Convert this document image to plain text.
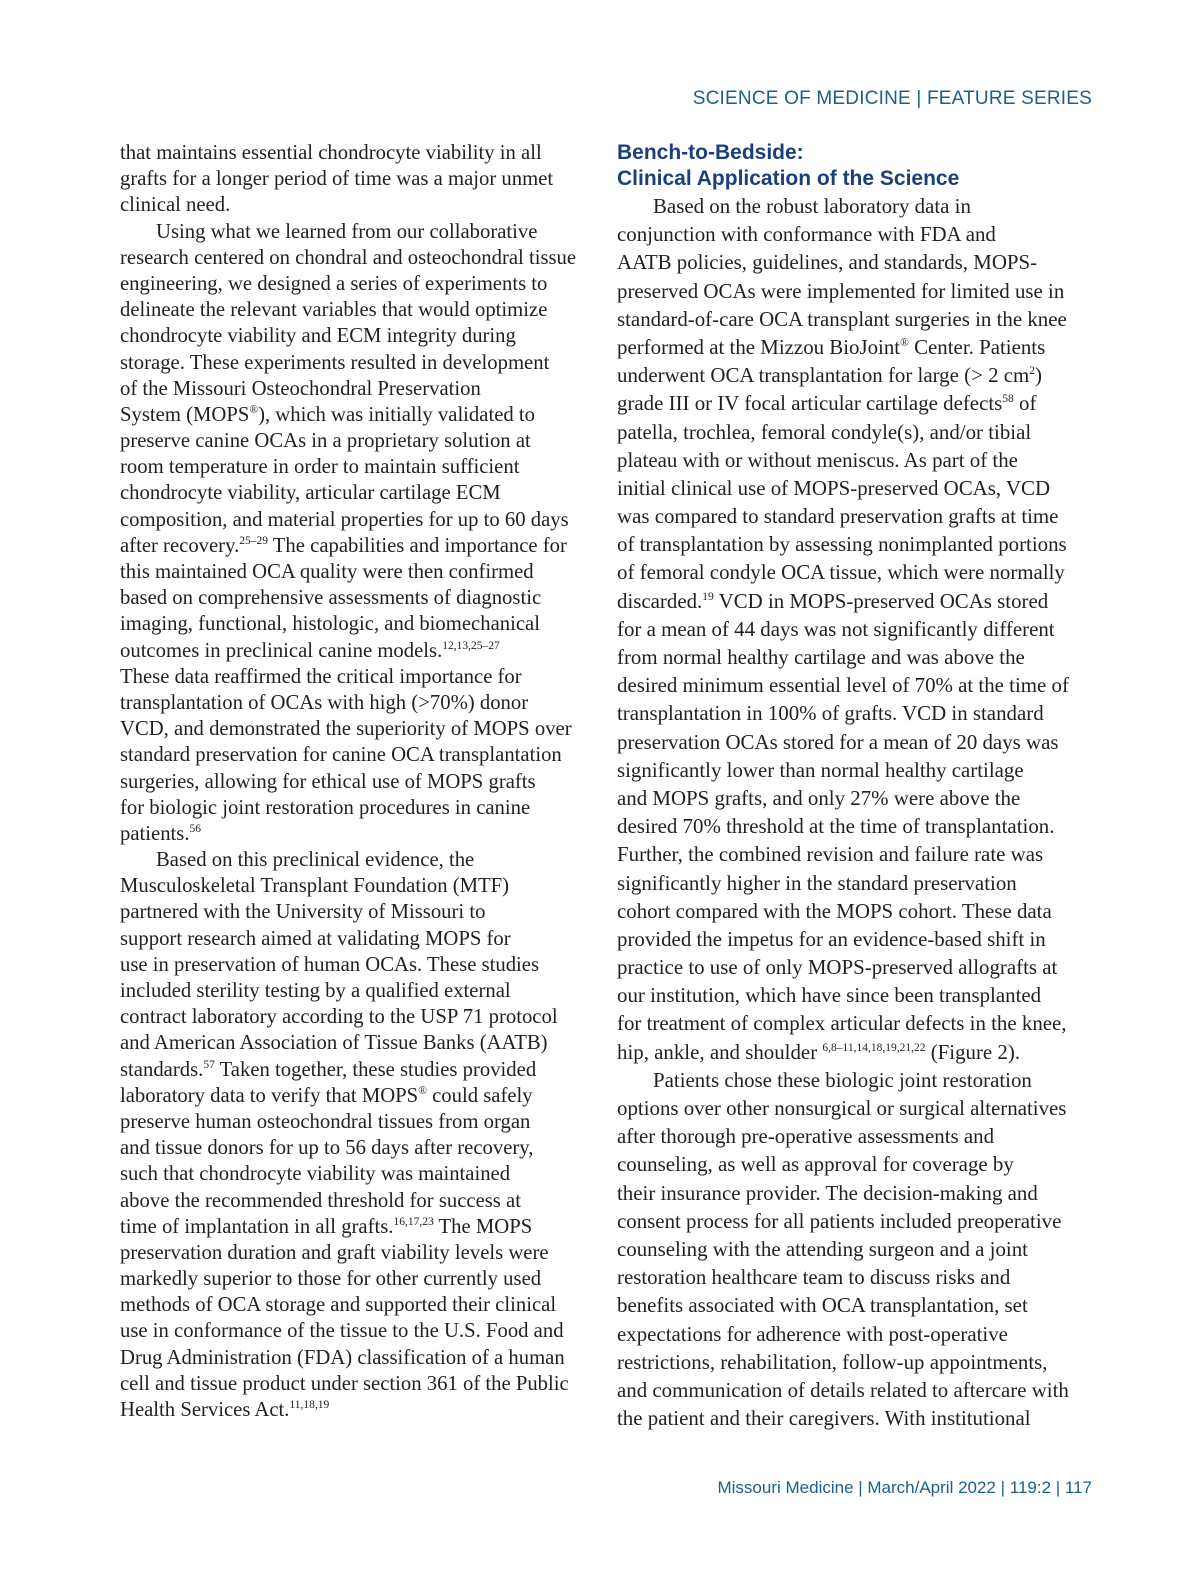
SCIENCE OF MEDICINE | FEATURE SERIES
that maintains essential chondrocyte viability in all
grafts for a longer period of time was a major unmet
clinical need.
Using what we learned from our collaborative
research centered on chondral and osteochondral tissue
engineering, we designed a series of experiments to
delineate the relevant variables that would optimize
chondrocyte viability and ECM integrity during
storage. These experiments resulted in development
of the Missouri Osteochondral Preservation
System (MOPS®), which was initially validated to
preserve canine OCAs in a proprietary solution at
room temperature in order to maintain sufficient
chondrocyte viability, articular cartilage ECM
composition, and material properties for up to 60 days
after recovery.$^{25-29}$ The capabilities and importance for
this maintained OCA quality were then confirmed
based on comprehensive assessments of diagnostic
imaging, functional, histologic, and biomechanical
outcomes in preclinical canine models.$^{12,13,25-27}$
These data reaffirmed the critical importance for
transplantation of OCAs with high (>70%) donor
VCD, and demonstrated the superiority of MOPS over
standard preservation for canine OCA transplantation
surgeries, allowing for ethical use of MOPS grafts
for biologic joint restoration procedures in canine
patients.$^{56}$
Based on this preclinical evidence, the
Musculoskeletal Transplant Foundation (MTF)
partnered with the University of Missouri to
support research aimed at validating MOPS for
use in preservation of human OCAs. These studies
included sterility testing by a qualified external
contract laboratory according to the USP 71 protocol
and American Association of Tissue Banks (AATB)
standards.$^{57}$ Taken together, these studies provided
laboratory data to verify that MOPS® could safely
preserve human osteochondral tissues from organ
and tissue donors for up to 56 days after recovery,
such that chondrocyte viability was maintained
above the recommended threshold for success at
time of implantation in all grafts.$^{16,17,23}$ The MOPS
preservation duration and graft viability levels were
markedly superior to those for other currently used
methods of OCA storage and supported their clinical
use in conformance of the tissue to the U.S. Food and
Drug Administration (FDA) classification of a human
cell and tissue product under section 361 of the Public
Health Services Act.$^{11,18,19}$
Bench-to-Bedside:
Clinical Application of the Science
Based on the robust laboratory data in
conjunction with conformance with FDA and
AATB policies, guidelines, and standards, MOPS-
preserved OCAs were implemented for limited use in
standard-of-care OCA transplant surgeries in the knee
performed at the Mizzou BioJoint® Center. Patients
underwent OCA transplantation for large (> 2 $cm^2$)
grade III or IV focal articular cartilage defects$^{58}$ of
patella, trochlea, femoral condyle(s), and/or tibial
plateau with or without meniscus. As part of the
initial clinical use of MOPS-preserved OCAs, VCD
was compared to standard preservation grafts at time
of transplantation by assessing nonimplanted portions
of femoral condyle OCA tissue, which were normally
discarded.$^{19}$ VCD in MOPS-preserved OCAs stored
for a mean of 44 days was not significantly different
from normal healthy cartilage and was above the
desired minimum essential level of 70% at the time of
transplantation in 100% of grafts. VCD in standard
preservation OCAs stored for a mean of 20 days was
significantly lower than normal healthy cartilage
and MOPS grafts, and only 27% were above the
desired 70% threshold at the time of transplantation.
Further, the combined revision and failure rate was
significantly higher in the standard preservation
cohort compared with the MOPS cohort. These data
provided the impetus for an evidence-based shift in
practice to use of only MOPS-preserved allografts at
our institution, which have since been transplanted
for treatment of complex articular defects in the knee,
hip, ankle, and shoulder $^{6,8-11,14,18,19,21,22}$ (Figure 2).
Patients chose these biologic joint restoration
options over other nonsurgical or surgical alternatives
after thorough pre-operative assessments and
counseling, as well as approval for coverage by
their insurance provider. The decision-making and
consent process for all patients included preoperative
counseling with the attending surgeon and a joint
restoration healthcare team to discuss risks and
benefits associated with OCA transplantation, set
expectations for adherence with post-operative
restrictions, rehabilitation, follow-up appointments,
and communication of details related to aftercare with
the patient and their caregivers. With institutional
Missouri Medicine | March/April 2022 | 119:2 | 117
